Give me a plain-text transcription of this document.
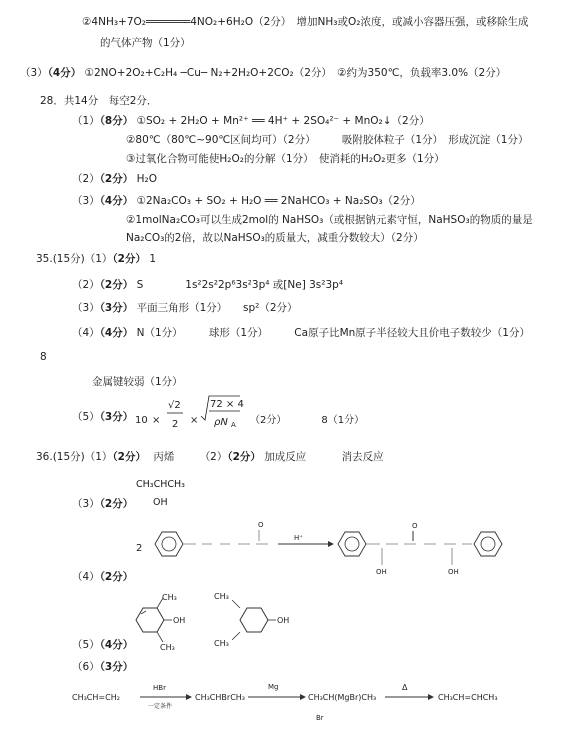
②4NH₃+7O₂═══════4NO₂+6H₂O（2分）　增加NH₃或O₂浓度，或减小容器压强，或移除生成
的气体产物（1分）
（3）（4分） ①2NO+2O₂+C₂H₄ ─Cu─ N₂+2H₂O+2CO₂（2分）　②约为350℃，负载率3.0%（2分）
28．共14分　每空2分．
（1）（8分） ①SO₂ + 2H₂O + Mn²⁺ ══ 4H⁺ + 2SO₄²⁻ + MnO₂↓（2分）
②80℃（80℃~90℃区间均可）（2分）　　　吸附胶体粒子（1分）　形成沉淀（1分）
③过氧化合物可能使H₂O₂的分解（1分）　使消耗的H₂O₂更多（1分）
（2）（2分） H₂O
（3）（4分） ①2Na₂CO₃ + SO₂ + H₂O ══ 2NaHCO₃ + Na₂SO₃（2分）
②1molNa₂CO₃可以生成2mol的 NaHSO₃（或根据钠元素守恒，NaHSO₃的物质的量是
Na₂CO₃的2倍，故以NaHSO₃的质量大，减重分数较大）（2分）
35.(15分)（1）（2分） 1
（2）（2分） S　　　　1s²2s²2p⁶3s²3p⁴ 或[Ne] 3s²3p⁴
（3）（3分） 平面三角形（1分）　　sp²（2分）
（4）（4分） N（1分）　　　球形（1分）　　　Ca原子比Mn原子半径较大且价电子数较少（1分）
8
金属键较弱（1分）
（5）（3分） 10 ×
√2
2 ×
72 × 4
ρN A （2分）　　　　8（1分）
36.(15分)（1）（2分） 丙烯 （2）（2分） 加成反应	消去反应
（3）（2分）
CH₃CHCH₃
OH
（4）（2分）
2
O
H⁺
O
OH	OH
CH₃
OH
CH₃
CH₃
OH
CH₃
（5）（4分）
（6）（3分）
CH₃CH=CH₂
HBr
一定条件
CH₃CHBrCH₃
Mg
CH₃CH(MgBr)CH₃
Br
Δ
CH₃CH=CHCH₃
